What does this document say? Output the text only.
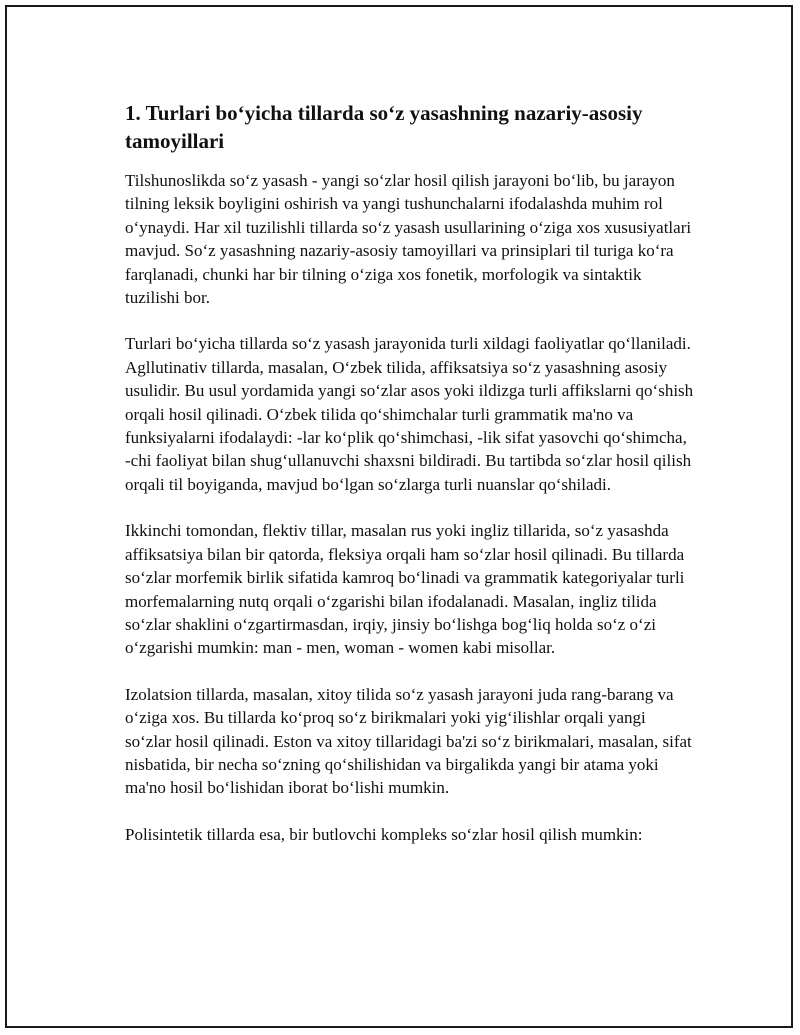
1. Turlari boʻyicha tillarda soʻz yasashning nazariy-asosiy tamoyillari

Tilshunoslikda soʻz yasash - yangi soʻzlar hosil qilish jarayoni boʻlib, bu jarayon tilning leksik boyligini oshirish va yangi tushunchalarni ifodalashda muhim rol oʻynaydi. Har xil tuzilishli tillarda soʻz yasash usullarining oʻziga xos xususiyatlari mavjud. Soʻz yasashning nazariy-asosiy tamoyillari va prinsiplari til turiga koʻra farqlanadi, chunki har bir tilning oʻziga xos fonetik, morfologik va sintaktik tuzilishi bor.

Turlari boʻyicha tillarda soʻz yasash jarayonida turli xildagi faoliyatlar qoʻllaniladi. Agllutinativ tillarda, masalan, Oʻzbek tilida, affiksatsiya soʻz yasashning asosiy usulidir. Bu usul yordamida yangi soʻzlar asos yoki ildizga turli affikslarni qoʻshish orqali hosil qilinadi. Oʻzbek tilida qoʻshimchalar turli grammatik ma'no va funksiyalarni ifodalaydi: -lar koʻplik qoʻshimchasi, -lik sifat yasovchi qoʻshimcha, -chi faoliyat bilan shugʻullanuvchi shaxsni bildiradi. Bu tartibda soʻzlar hosil qilish orqali til boyiganda, mavjud boʻlgan soʻzlarga turli nuanslar qoʻshiladi.

Ikkinchi tomondan, flektiv tillar, masalan rus yoki ingliz tillarida, soʻz yasashda affiksatsiya bilan bir qatorda, fleksiya orqali ham soʻzlar hosil qilinadi. Bu tillarda soʻzlar morfemik birlik sifatida kamroq boʻlinadi va grammatik kategoriyalar turli morfemalarning nutq orqali oʻzgarishi bilan ifodalanadi. Masalan, ingliz tilida soʻzlar shaklini oʻzgartirmasdan, irqiy, jinsiy boʻlishga bogʻliq holda soʻz oʻzi oʻzgarishi mumkin: man - men, woman - women kabi misollar.

Izolatsion tillarda, masalan, xitoy tilida soʻz yasash jarayoni juda rang-barang va oʻziga xos. Bu tillarda koʻproq soʻz birikmalari yoki yigʻilishlar orqali yangi soʻzlar hosil qilinadi. Eston va xitoy tillaridagi ba'zi soʻz birikmalari, masalan, sifat nisbatida, bir necha soʻzning qoʻshilishidan va birgalikda yangi bir atama yoki ma'no hosil boʻlishidan iborat boʻlishi mumkin.

Polisintetik tillarda esa, bir butlovchi kompleks soʻzlar hosil qilish mumkin:
